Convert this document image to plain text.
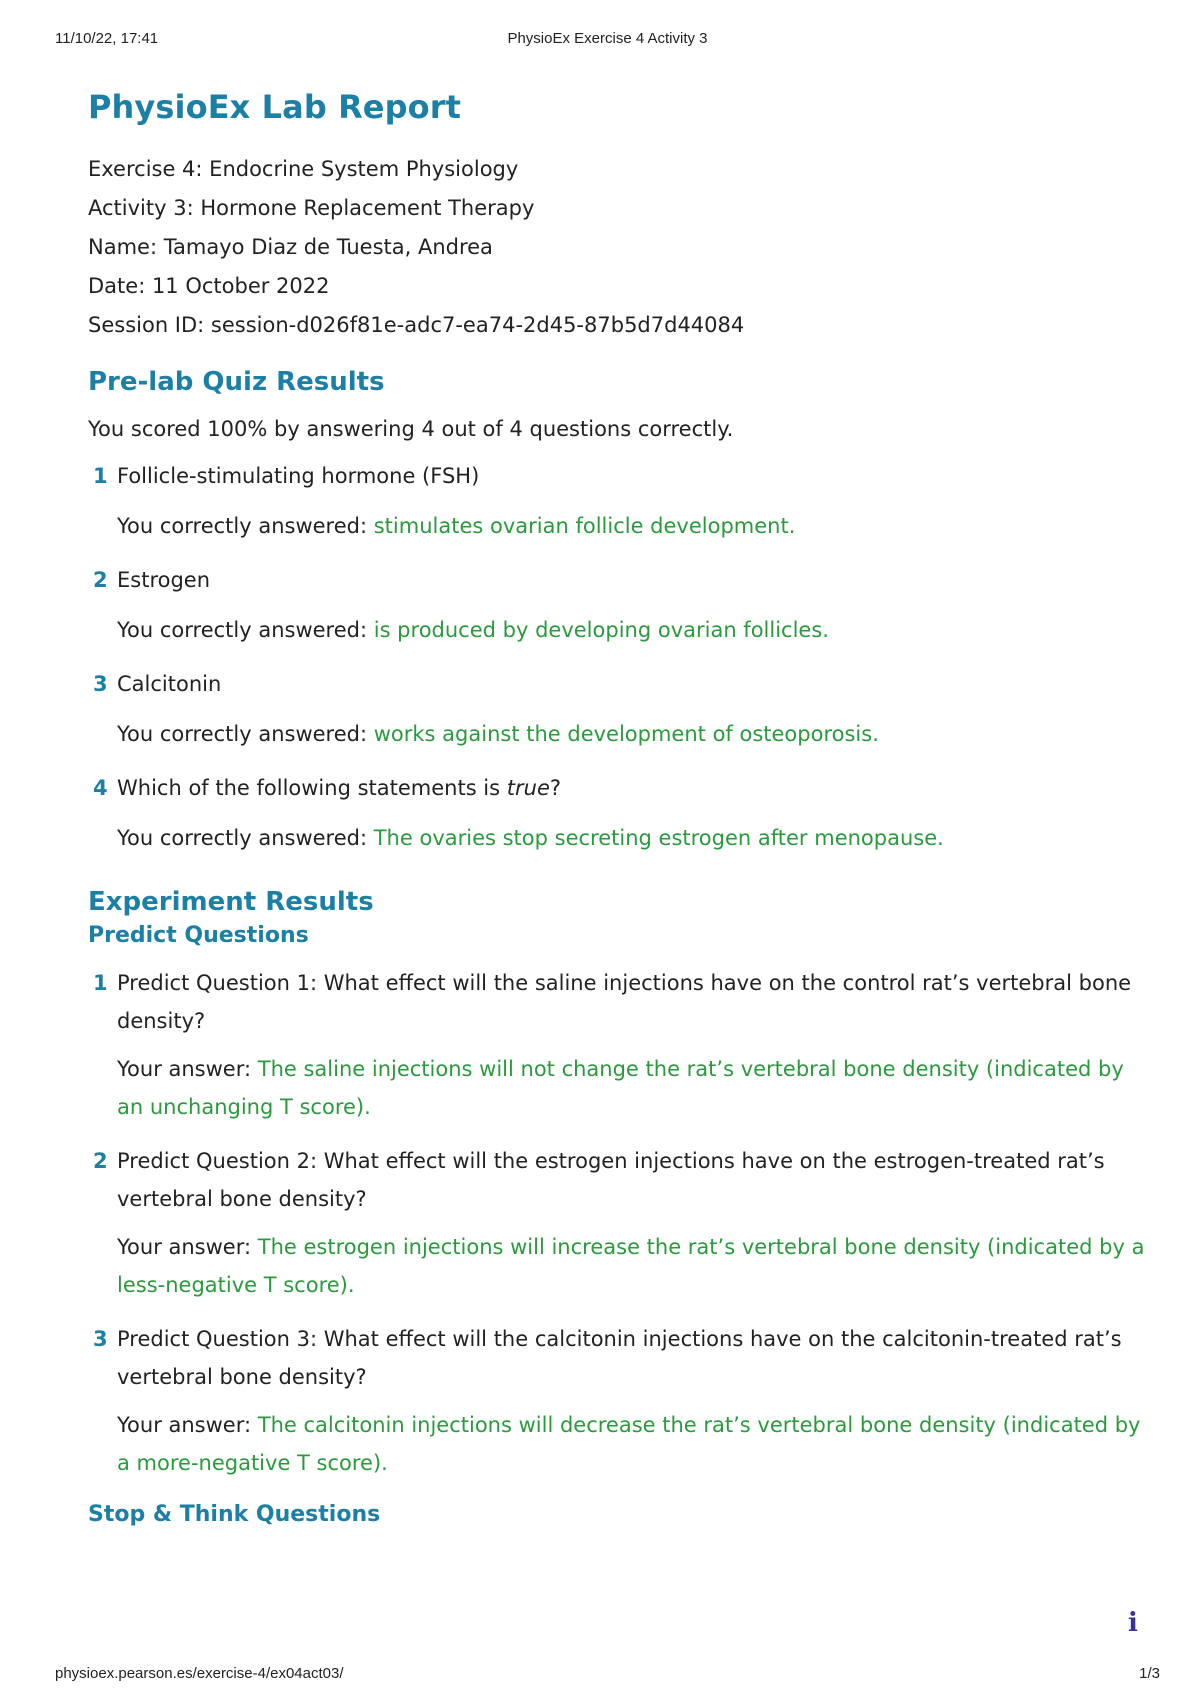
11/10/22, 17:41	PhysioEx Exercise 4 Activity 3
PhysioEx Lab Report
Exercise 4: Endocrine System Physiology
Activity 3: Hormone Replacement Therapy
Name: Tamayo Diaz de Tuesta, Andrea
Date: 11 October 2022
Session ID: session-d026f81e-adc7-ea74-2d45-87b5d7d44084
Pre-lab Quiz Results
You scored 100% by answering 4 out of 4 questions correctly.
1 Follicle-stimulating hormone (FSH)
You correctly answered: stimulates ovarian follicle development.
2 Estrogen
You correctly answered: is produced by developing ovarian follicles.
3 Calcitonin
You correctly answered: works against the development of osteoporosis.
4 Which of the following statements is true?
You correctly answered: The ovaries stop secreting estrogen after menopause.
Experiment Results
Predict Questions
1 Predict Question 1: What effect will the saline injections have on the control rat’s vertebral bone density?
Your answer: The saline injections will not change the rat’s vertebral bone density (indicated by an unchanging T score).
2 Predict Question 2: What effect will the estrogen injections have on the estrogen-treated rat’s vertebral bone density?
Your answer: The estrogen injections will increase the rat’s vertebral bone density (indicated by a less-negative T score).
3 Predict Question 3: What effect will the calcitonin injections have on the calcitonin-treated rat’s vertebral bone density?
Your answer: The calcitonin injections will decrease the rat’s vertebral bone density (indicated by a more-negative T score).
Stop & Think Questions
i
physioex.pearson.es/exercise-4/ex04act03/	1/3
